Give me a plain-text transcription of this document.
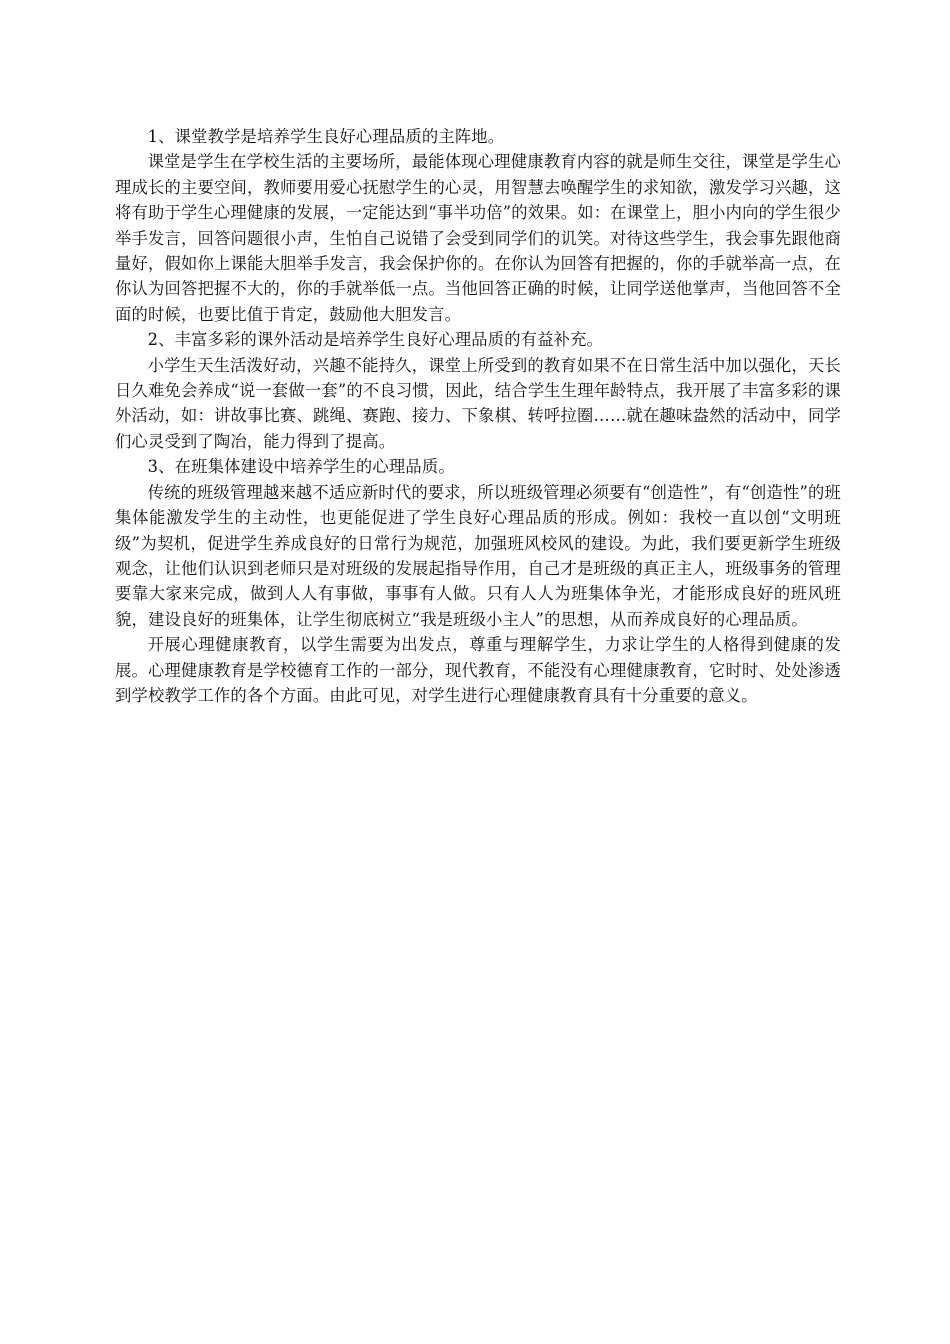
1、课堂教学是培养学生良好心理品质的主阵地。

课堂是学生在学校生活的主要场所，最能体现心理健康教育内容的就是师生交往，课堂是学生心理成长的主要空间，教师要用爱心抚慰学生的心灵，用智慧去唤醒学生的求知欲，激发学习兴趣，这将有助于学生心理健康的发展，一定能达到“事半功倍”的效果。如：在课堂上，胆小内向的学生很少举手发言，回答问题很小声，生怕自己说错了会受到同学们的讥笑。对待这些学生，我会事先跟他商量好，假如你上课能大胆举手发言，我会保护你的。在你认为回答有把握的，你的手就举高一点，在你认为回答把握不大的，你的手就举低一点。当他回答正确的时候，让同学送他掌声，当他回答不全面的时候，也要比值于肯定，鼓励他大胆发言。

2、丰富多彩的课外活动是培养学生良好心理品质的有益补充。

小学生天生活泼好动，兴趣不能持久，课堂上所受到的教育如果不在日常生活中加以强化，天长日久难免会养成“说一套做一套”的不良习惯，因此，结合学生生理年龄特点，我开展了丰富多彩的课外活动，如：讲故事比赛、跳绳、赛跑、接力、下象棋、转呼拉圈……就在趣味盎然的活动中，同学们心灵受到了陶冶，能力得到了提高。

3、在班集体建设中培养学生的心理品质。

传统的班级管理越来越不适应新时代的要求，所以班级管理必须要有“创造性”，有“创造性”的班集体能激发学生的主动性，也更能促进了学生良好心理品质的形成。例如：我校一直以创“文明班级”为契机，促进学生养成良好的日常行为规范，加强班风校风的建设。为此，我们要更新学生班级观念，让他们认识到老师只是对班级的发展起指导作用，自己才是班级的真正主人，班级事务的管理要靠大家来完成，做到人人有事做，事事有人做。只有人人为班集体争光，才能形成良好的班风班貌，建设良好的班集体，让学生彻底树立“我是班级小主人”的思想，从而养成良好的心理品质。

开展心理健康教育，以学生需要为出发点，尊重与理解学生，力求让学生的人格得到健康的发展。心理健康教育是学校德育工作的一部分，现代教育，不能没有心理健康教育，它时时、处处渗透到学校教学工作的各个方面。由此可见，对学生进行心理健康教育具有十分重要的意义。
